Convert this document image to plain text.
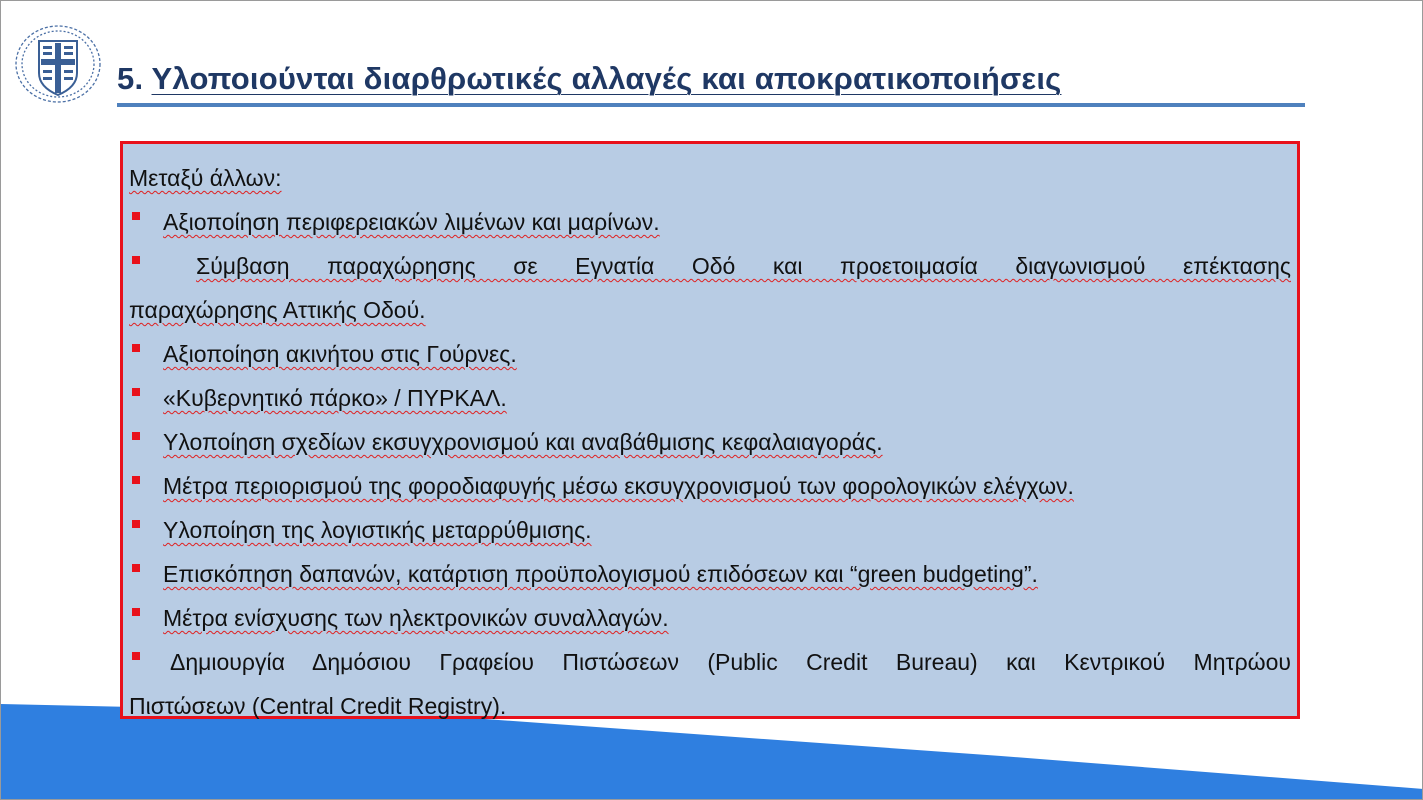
5. Υλοποιούνται διαρθρωτικές αλλαγές και αποκρατικοποιήσεις

Μεταξύ άλλων:

Αξιοποίηση περιφερειακών λιμένων και μαρίνων.
Σύμβαση παραχώρησης σε Εγνατία Οδό και προετοιμασία διαγωνισμού επέκτασης
παραχώρησης Αττικής Οδού.
Αξιοποίηση ακινήτου στις Γούρνες.
«Κυβερνητικό πάρκο» / ΠΥΡΚΑΛ.
Υλοποίηση σχεδίων εκσυγχρονισμού και αναβάθμισης κεφαλαιαγοράς.
Μέτρα περιορισμού της φοροδιαφυγής μέσω εκσυγχρονισμού των φορολογικών ελέγχων.
Υλοποίηση της λογιστικής μεταρρύθμισης.
Επισκόπηση δαπανών, κατάρτιση προϋπολογισμού επιδόσεων και “green budgeting”.
Μέτρα ενίσχυσης των ηλεκτρονικών συναλλαγών.
Δημιουργία Δημόσιου Γραφείου Πιστώσεων (Public Credit Bureau) και Κεντρικού Μητρώου
Πιστώσεων (Central Credit Registry).
